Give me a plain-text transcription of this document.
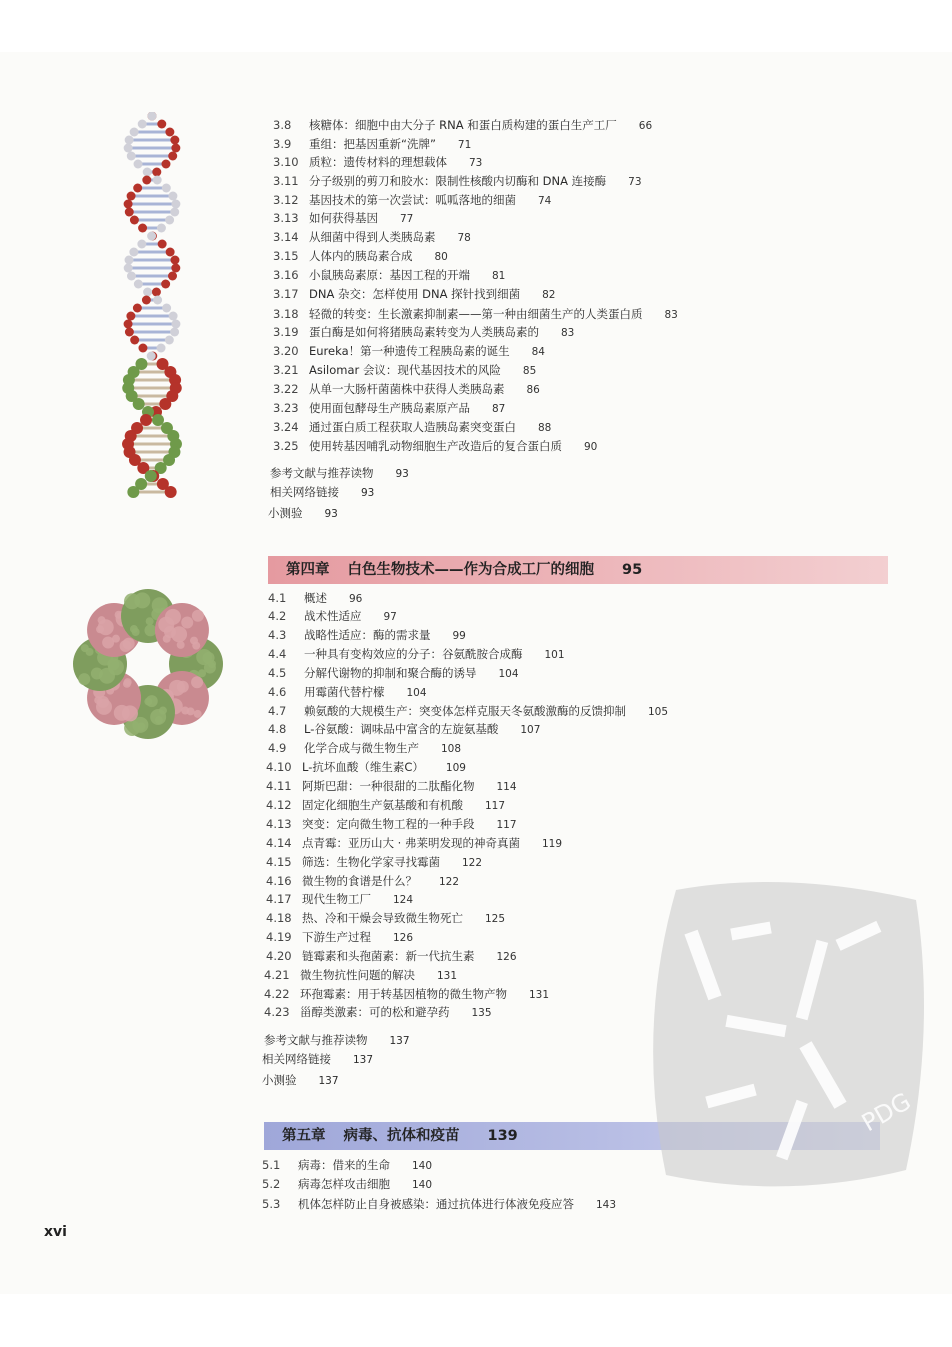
3.8 核糖体：细胞中由大分子 RNA 和蛋白质构建的蛋白生产工厂 66
3.9 重组：把基因重新“洗牌” 71
3.10 质粒：遗传材料的理想载体 73
3.11 分子级别的剪刀和胶水：限制性核酸内切酶和 DNA 连接酶 73
3.12 基因技术的第一次尝试：呱呱落地的细菌 74
3.13 如何获得基因 77
3.14 从细菌中得到人类胰岛素 78
3.15 人体内的胰岛素合成 80
3.16 小鼠胰岛素原：基因工程的开端 81
3.17 DNA 杂交：怎样使用 DNA 探针找到细菌 82
3.18 轻微的转变：生长激素抑制素——第一种由细菌生产的人类蛋白质 83
3.19 蛋白酶是如何将猪胰岛素转变为人类胰岛素的 83
3.20 Eureka！第一种遗传工程胰岛素的诞生 84
3.21 Asilomar 会议：现代基因技术的风险 85
3.22 从单一大肠杆菌菌株中获得人类胰岛素 86
3.23 使用面包酵母生产胰岛素原产品 87
3.24 通过蛋白质工程获取人造胰岛素突变蛋白 88
3.25 使用转基因哺乳动物细胞生产改造后的复合蛋白质 90
参考文献与推荐读物 93
相关网络链接 93
小测验 93
第四章 白色生物技术——作为合成工厂的细胞 95
4.1 概述 96
4.2 战术性适应 97
4.3 战略性适应：酶的需求量 99
4.4 一种具有变构效应的分子：谷氨酰胺合成酶 101
4.5 分解代谢物的抑制和聚合酶的诱导 104
4.6 用霉菌代替柠檬 104
4.7 赖氨酸的大规模生产：突变体怎样克服天冬氨酸激酶的反馈抑制 105
4.8 L-谷氨酸：调味品中富含的左旋氨基酸 107
4.9 化学合成与微生物生产 108
4.10 L-抗坏血酸（维生素C） 109
4.11 阿斯巴甜：一种很甜的二肽酯化物 114
4.12 固定化细胞生产氨基酸和有机酸 117
4.13 突变：定向微生物工程的一种手段 117
4.14 点青霉：亚历山大 · 弗莱明发现的神奇真菌 119
4.15 筛选：生物化学家寻找霉菌 122
4.16 微生物的食谱是什么？ 122
4.17 现代生物工厂 124
4.18 热、冷和干燥会导致微生物死亡 125
4.19 下游生产过程 126
4.20 链霉素和头孢菌素：新一代抗生素 126
4.21 微生物抗性问题的解决 131
4.22 环孢霉素：用于转基因植物的微生物产物 131
4.23 甾醇类激素：可的松和避孕药 135
参考文献与推荐读物 137
相关网络链接 137
小测验 137
第五章 病毒、抗体和疫苗 139
5.1 病毒：借来的生命 140
5.2 病毒怎样攻击细胞 140
5.3 机体怎样防止自身被感染：通过抗体进行体液免疫应答 143
PDG
xvi
